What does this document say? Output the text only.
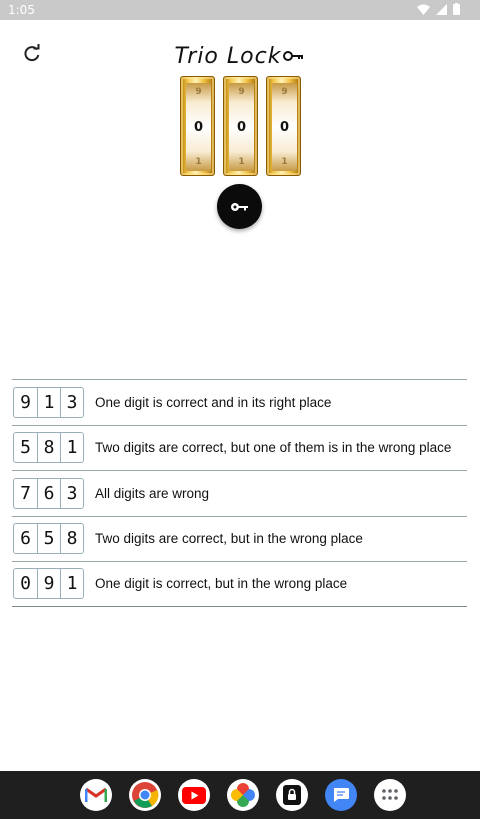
1:05
Trio Lock
9
0
1
9
0
1
9
0
1
9 1 3	One digit is correct and in its right place
5 8 1	Two digits are correct, but one of them is in the wrong place
7 6 3	All digits are wrong
6 5 8	Two digits are correct, but in the wrong place
0 9 1	One digit is correct, but in the wrong place
